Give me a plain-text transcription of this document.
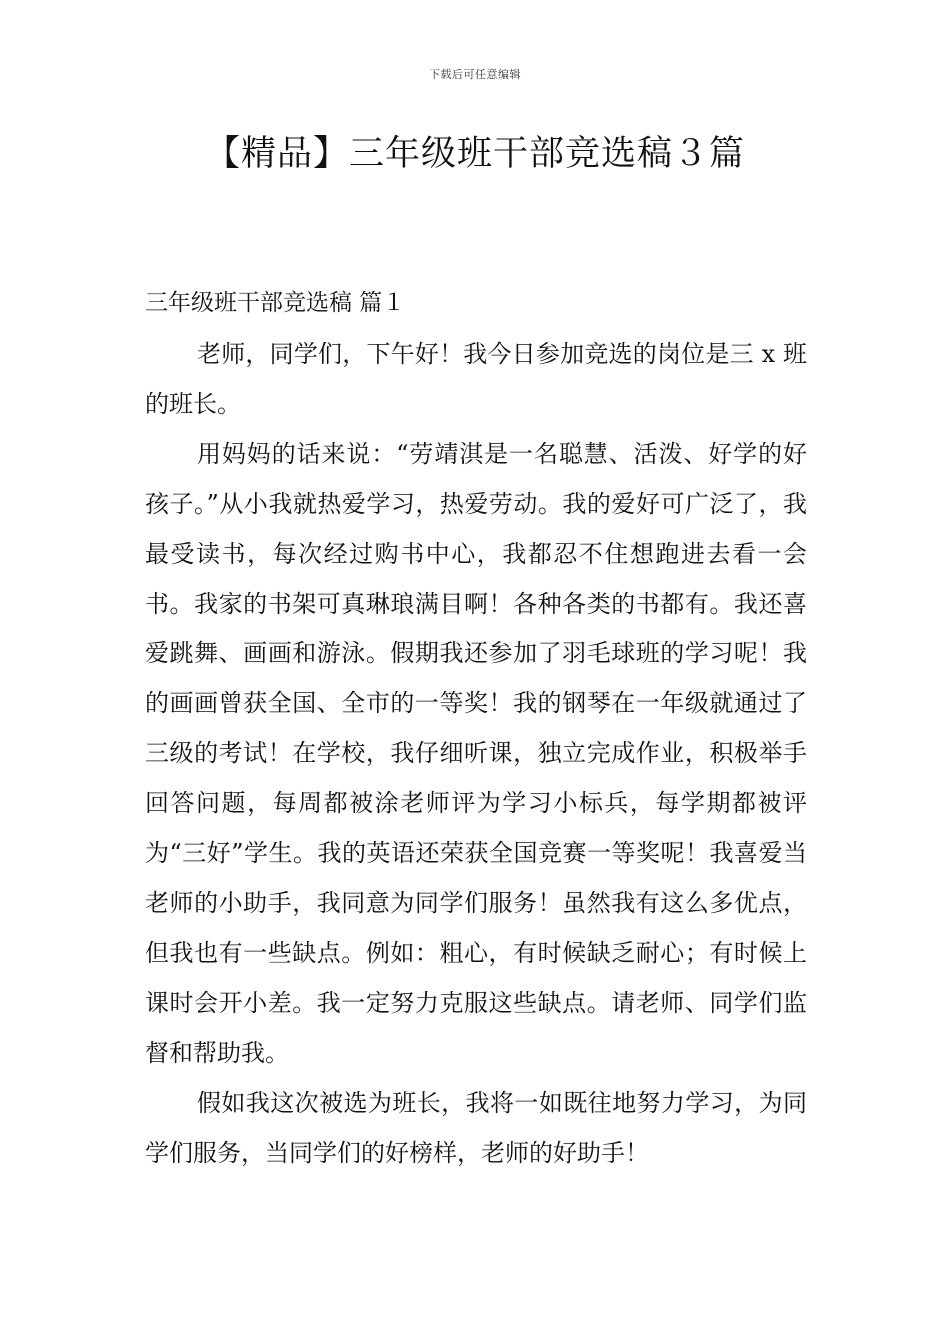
下载后可任意编辑
【精品】三年级班干部竞选稿３篇
三年级班干部竞选稿 篇１

老师，同学们，下午好！我今日参加竞选的岗位是三 x 班的班长。

用妈妈的话来说：“劳靖淇是一名聪慧、活泼、好学的好孩子。”从小我就热爱学习，热爱劳动。我的爱好可广泛了，我最受读书，每次经过购书中心，我都忍不住想跑进去看一会书。我家的书架可真琳琅满目啊！各种各类的书都有。我还喜爱跳舞、画画和游泳。假期我还参加了羽毛球班的学习呢！我的画画曾获全国、全市的一等奖！我的钢琴在一年级就通过了三级的考试！在学校，我仔细听课，独立完成作业，积极举手回答问题，每周都被涂老师评为学习小标兵，每学期都被评为“三好”学生。我的英语还荣获全国竞赛一等奖呢！我喜爱当老师的小助手，我同意为同学们服务！虽然我有这么多优点，但我也有一些缺点。例如：粗心，有时候缺乏耐心；有时候上课时会开小差。我一定努力克服这些缺点。请老师、同学们监督和帮助我。

假如我这次被选为班长，我将一如既往地努力学习，为同学们服务，当同学们的好榜样，老师的好助手！
